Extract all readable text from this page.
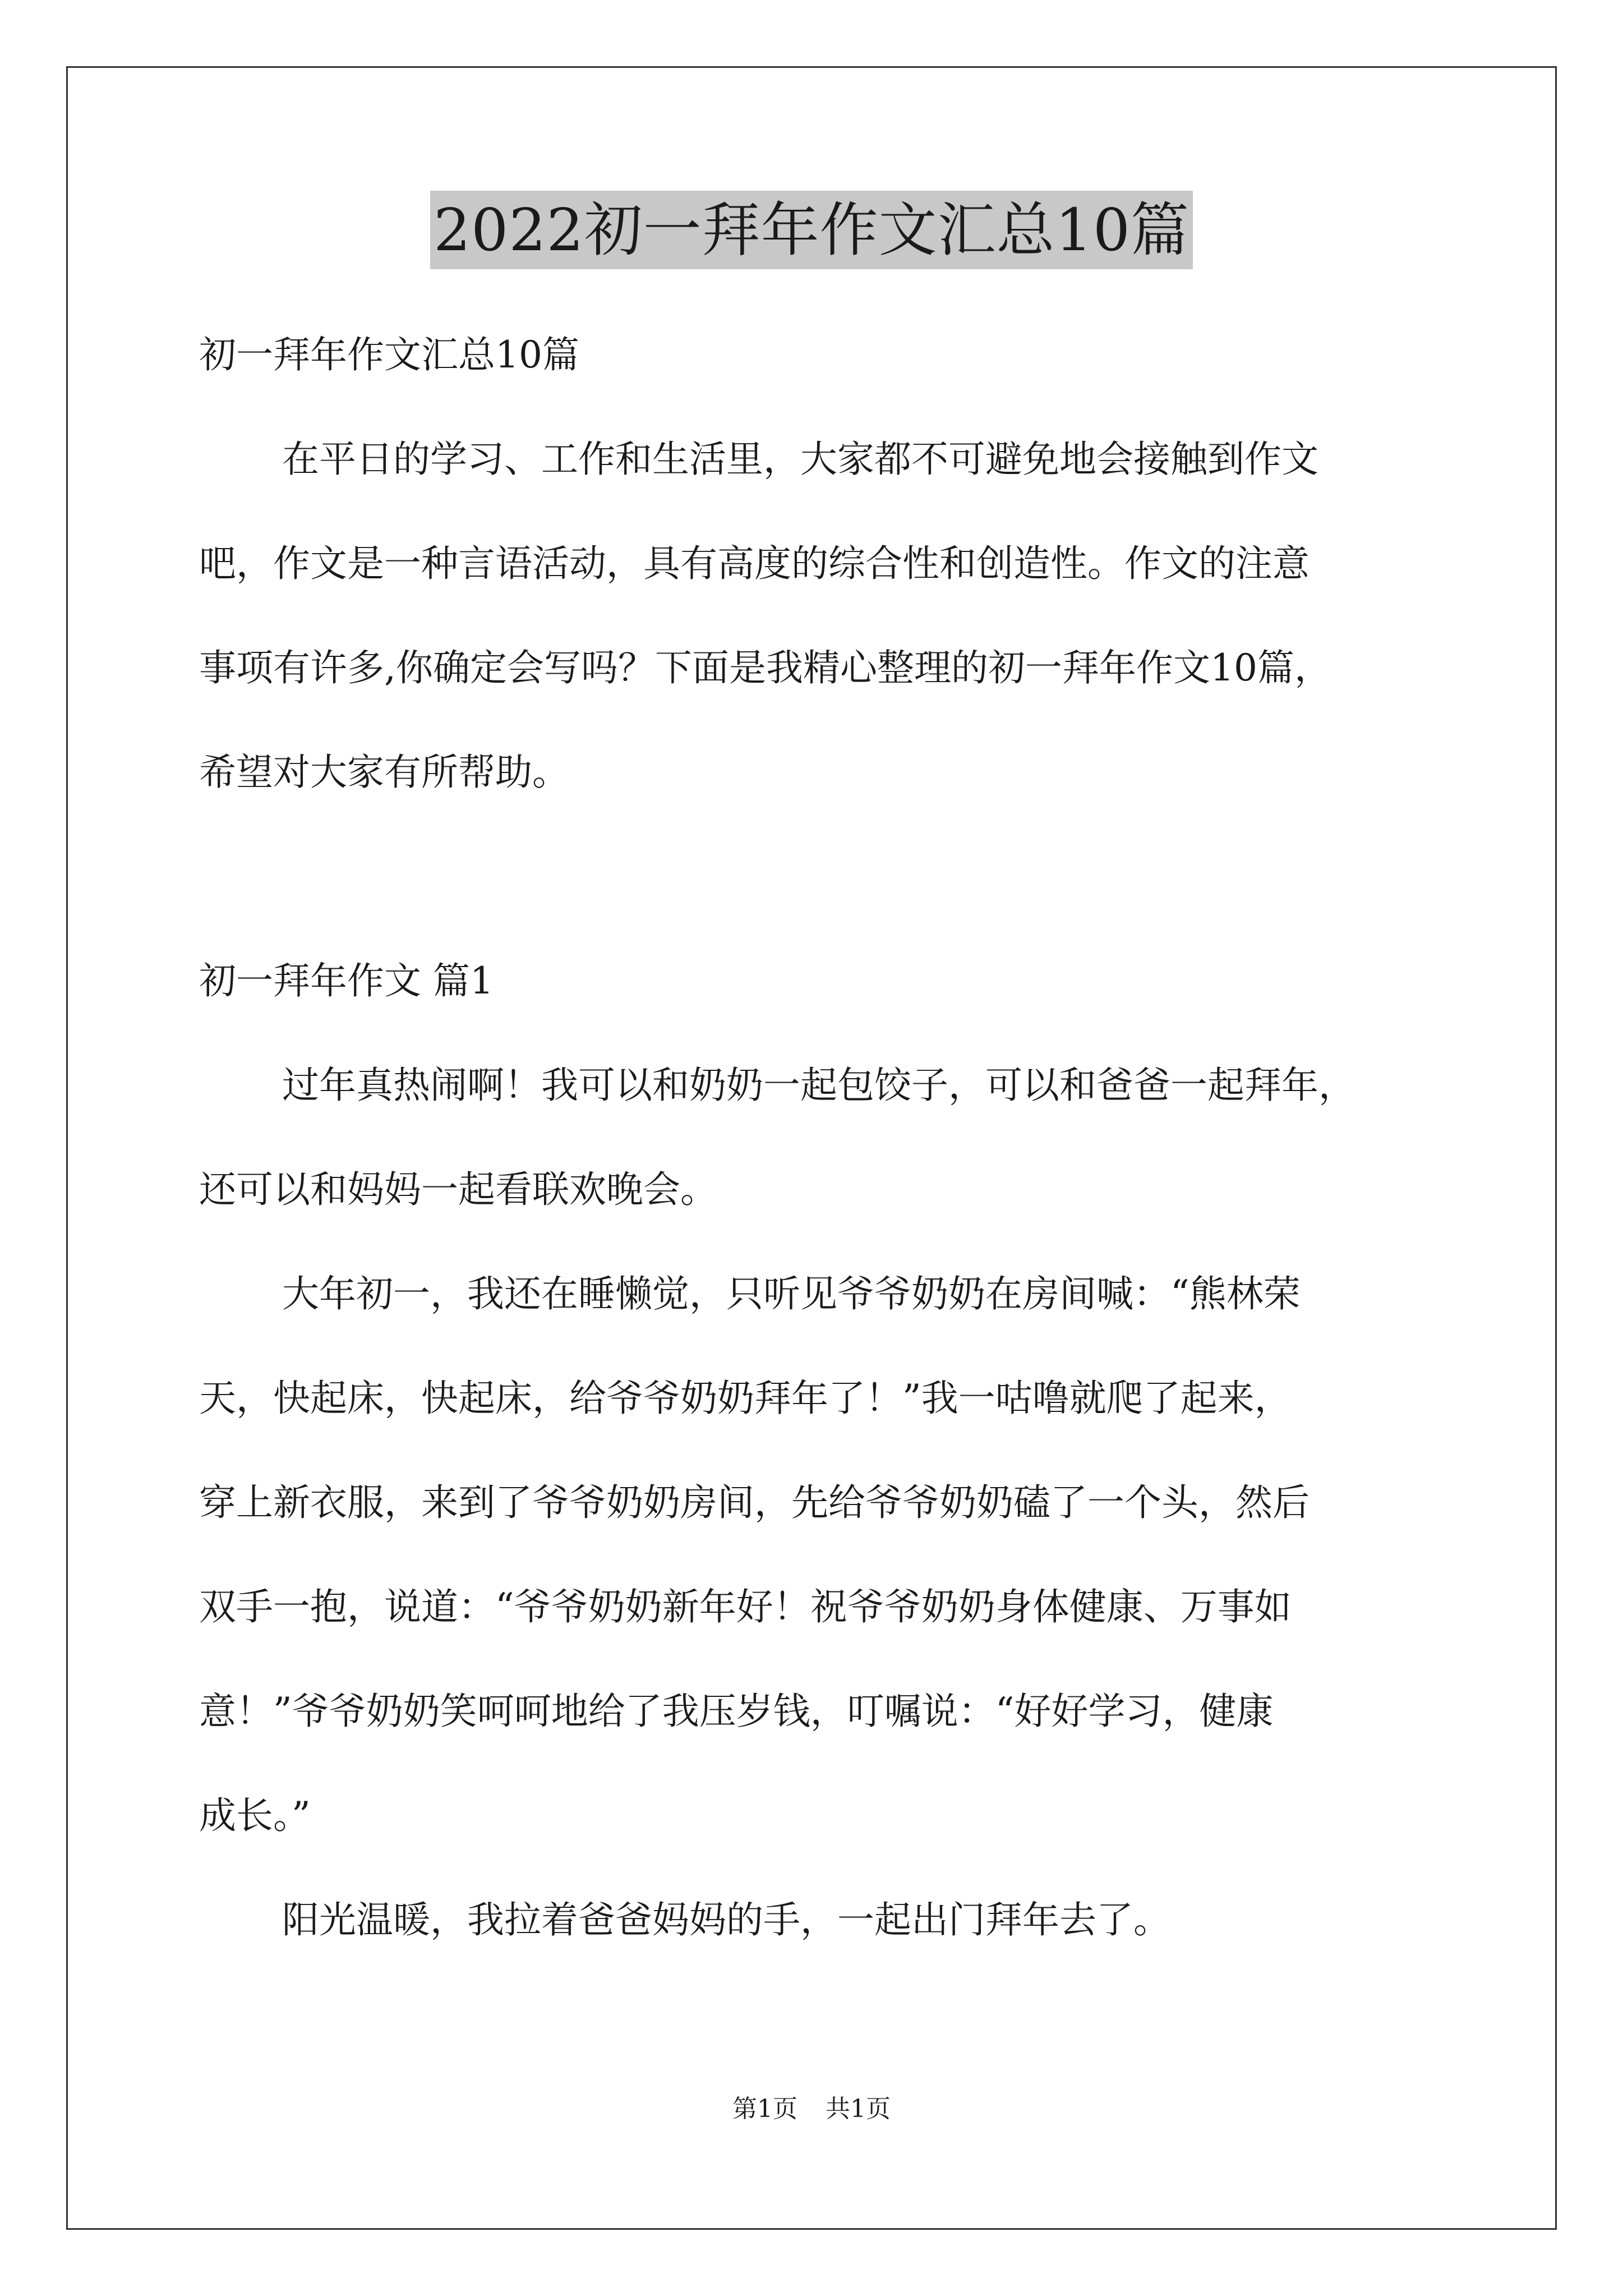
2022初一拜年作文汇总10篇
初一拜年作文汇总10篇
在平日的学习、工作和生活里，大家都不可避免地会接触到作文
吧，作文是一种言语活动，具有高度的综合性和创造性。作文的注意
事项有许多,你确定会写吗？下面是我精心整理的初一拜年作文10篇，
希望对大家有所帮助。
初一拜年作文 篇1
过年真热闹啊！我可以和奶奶一起包饺子，可以和爸爸一起拜年，
还可以和妈妈一起看联欢晚会。
大年初一，我还在睡懒觉，只听见爷爷奶奶在房间喊：“熊林荣
天，快起床，快起床，给爷爷奶奶拜年了！”我一咕噜就爬了起来，
穿上新衣服，来到了爷爷奶奶房间，先给爷爷奶奶磕了一个头，然后
双手一抱，说道：“爷爷奶奶新年好！祝爷爷奶奶身体健康、万事如
意！”爷爷奶奶笑呵呵地给了我压岁钱，叮嘱说：“好好学习，健康
成长。”
阳光温暖，我拉着爸爸妈妈的手，一起出门拜年去了。
第1页 共1页
